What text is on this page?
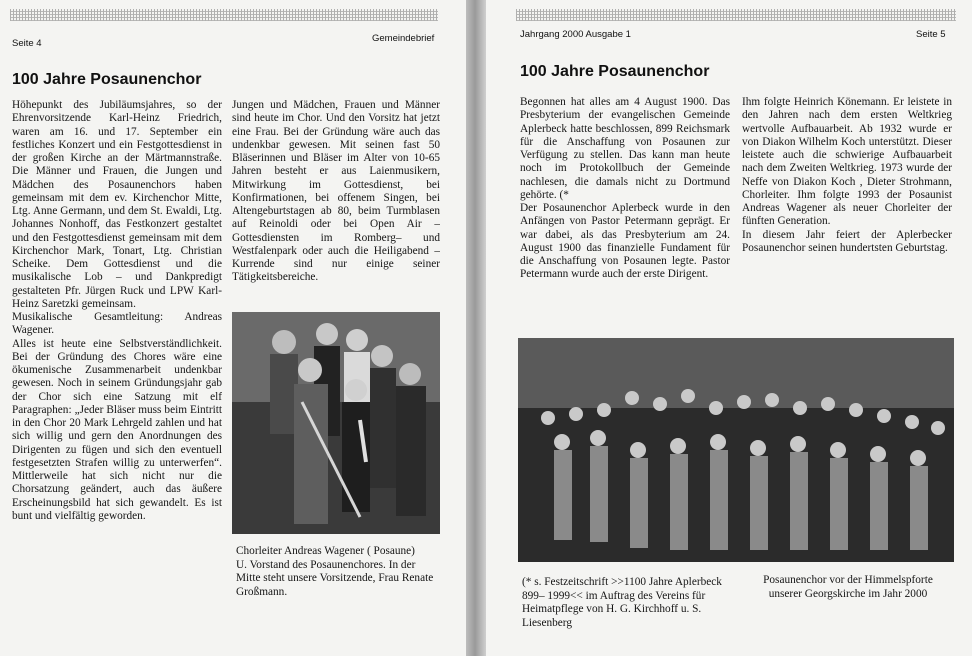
Seite 4	Gemeindebrief
100 Jahre Posaunenchor

Höhepunkt des Jubiläumsjahres, so der Ehrenvorsitzende Karl-Heinz Friedrich, waren am 16. und 17. September ein festliches Konzert und ein Festgottesdienst in der großen Kirche an der Märtmannstraße. Die Männer und Frauen, die Jungen und Mädchen des Posaunenchors haben gemeinsam mit dem ev. Kirchenchor Mitte, Ltg. Anne Germann, und dem St. Ewaldi, Ltg. Johannes Nonhoff, das Festkonzert gestaltet und den Festgottesdienst gemeinsam mit dem Kirchenchor Mark, Tonart, Ltg. Christian Scheike. Dem Gottesdienst und die musikalische Lob – und Dankpredigt gestalteten Pfr. Jürgen Ruck und LPW Karl-Heinz Saretzki gemeinsam.
Musikalische Gesamtleitung: Andreas Wagener.
Alles ist heute eine Selbstverständlichkeit. Bei der Gründung des Chores wäre eine ökumenische Zusammenarbeit undenkbar gewesen. Noch in seinem Gründungsjahr gab der Chor sich eine Satzung mit elf Paragraphen: „Jeder Bläser muss beim Eintritt in den Chor 20 Mark Lehrgeld zahlen und hat sich willig und gern den Anordnungen des Dirigenten zu fügen und sich den eventuell festgesetzten Strafen willig zu unterwerfen“. Mittlerweile hat sich nicht nur die Chorsatzung geändert, auch das äußere Erscheinungsbild hat sich gewandelt. Es ist bunt und vielfältig geworden.

Jungen und Mädchen, Frauen und Männer sind heute im Chor. Und den Vorsitz hat jetzt eine Frau. Bei der Gründung wäre auch das undenkbar gewesen. Mit seinen fast 50 Bläserinnen und Bläser im Alter von 10-65 Jahren besteht er aus Laienmusikern, Mitwirkung im Gottesdienst, bei Konfirmationen, bei offenem Singen, bei Altengeburtstagen ab 80, beim Turmblasen auf Reinoldi oder bei Open Air –Gottesdiensten im Romberg– und Westfalenpark oder auch die Heiligabend – Kurrende sind nur einige seiner Tätigkeitsbereiche.

Chorleiter Andreas Wagener ( Posaune)
U. Vorstand des Posaunenchores. In der Mitte steht unsere Vorsitzende, Frau Renate Großmann.

Jahrgang 2000 Ausgabe 1	Seite 5
100 Jahre Posaunenchor

Begonnen hat alles am 4 August 1900. Das Presbyterium der evangelischen Gemeinde Aplerbeck hatte beschlossen, 899 Reichsmark für die Anschaffung von Posaunen zur Verfügung zu stellen. Das kann man heute noch im Protokollbuch der Gemeinde nachlesen, die damals nicht zu Dortmund gehörte. (*
Der Posaunenchor Aplerbeck wurde in den Anfängen von Pastor Petermann geprägt. Er war dabei, als das Presbyterium am 24. August 1900 das finanzielle Fundament für die Anschaffung von Posaunen legte. Pastor Petermann wurde auch der erste Dirigent.

Ihm folgte Heinrich Könemann. Er leistete in den Jahren nach dem ersten Weltkrieg wertvolle Aufbauarbeit. Ab 1932 wurde er von Diakon Wilhelm Koch unterstützt. Dieser leistete auch die schwierige Aufbauarbeit nach dem Zweiten Weltkrieg. 1973 wurde der Neffe von Diakon Koch , Dieter Strohmann, Chorleiter. Ihm folgte 1993 der Posaunist Andreas Wagener als neuer Chorleiter der fünften Generation.
In diesem Jahr feiert der Aplerbecker Posaunenchor seinen hundertsten Geburtstag.

(* s. Festzeitschrift >>1100 Jahre Aplerbeck 899– 1999<< im Auftrag des Vereins für Heimatpflege von H. G. Kirchhoff u. S. Liesenberg

Posaunenchor vor der Himmelspforte
unserer Georgskirche im Jahr 2000
